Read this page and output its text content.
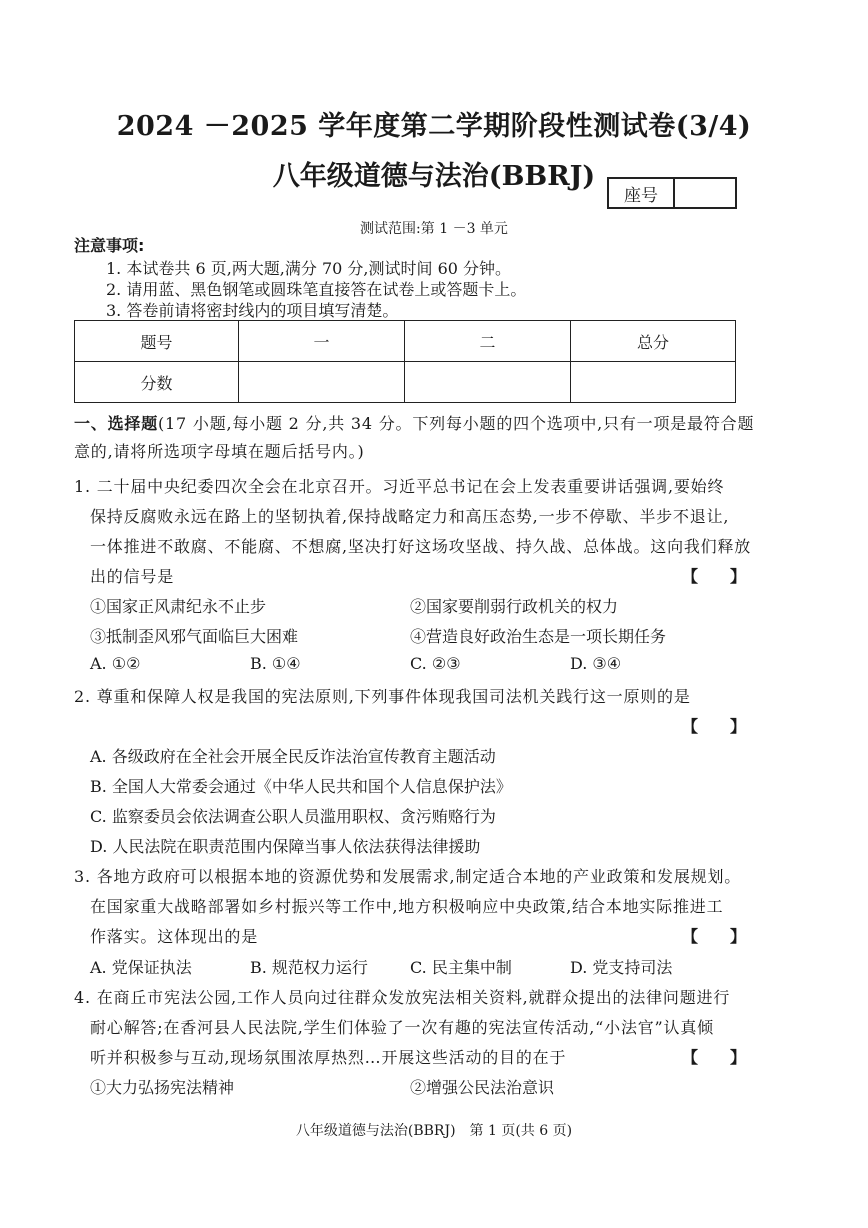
2024 －2025 学年度第二学期阶段性测试卷(3/4)
八年级道德与法治(BBRJ)
座号
测试范围:第 1 －3 单元
注意事项:
1. 本试卷共 6 页,两大题,满分 70 分,测试时间 60 分钟。
2. 请用蓝、黑色钢笔或圆珠笔直接答在试卷上或答题卡上。
3. 答卷前请将密封线内的项目填写清楚。
题号	一	二	总分
分数			
一、选择题(17 小题,每小题 2 分,共 34 分。下列每小题的四个选项中,只有一项是最符合题
意的,请将所选项字母填在题后括号内。)
1. 二十届中央纪委四次全会在北京召开。习近平总书记在会上发表重要讲话强调,要始终
保持反腐败永远在路上的坚韧执着,保持战略定力和高压态势,一步不停歇、半步不退让,
一体推进不敢腐、不能腐、不想腐,坚决打好这场攻坚战、持久战、总体战。这向我们释放
出的信号是	【　　】
①国家正风肃纪永不止步	②国家要削弱行政机关的权力
③抵制歪风邪气面临巨大困难	④营造良好政治生态是一项长期任务
A. ①②	B. ①④	C. ②③	D. ③④
2. 尊重和保障人权是我国的宪法原则,下列事件体现我国司法机关践行这一原则的是
【　　】
A. 各级政府在全社会开展全民反诈法治宣传教育主题活动
B. 全国人大常委会通过《中华人民共和国个人信息保护法》
C. 监察委员会依法调查公职人员滥用职权、贪污贿赂行为
D. 人民法院在职责范围内保障当事人依法获得法律援助
3. 各地方政府可以根据本地的资源优势和发展需求,制定适合本地的产业政策和发展规划。
在国家重大战略部署如乡村振兴等工作中,地方积极响应中央政策,结合本地实际推进工
作落实。这体现出的是	【　　】
A. 党保证执法	B. 规范权力运行	C. 民主集中制	D. 党支持司法
4. 在商丘市宪法公园,工作人员向过往群众发放宪法相关资料,就群众提出的法律问题进行
耐心解答;在香河县人民法院,学生们体验了一次有趣的宪法宣传活动,“小法官”认真倾
听并积极参与互动,现场氛围浓厚热烈…开展这些活动的目的在于	【　　】
①大力弘扬宪法精神	②增强公民法治意识
八年级道德与法治(BBRJ)　第 1 页(共 6 页)
